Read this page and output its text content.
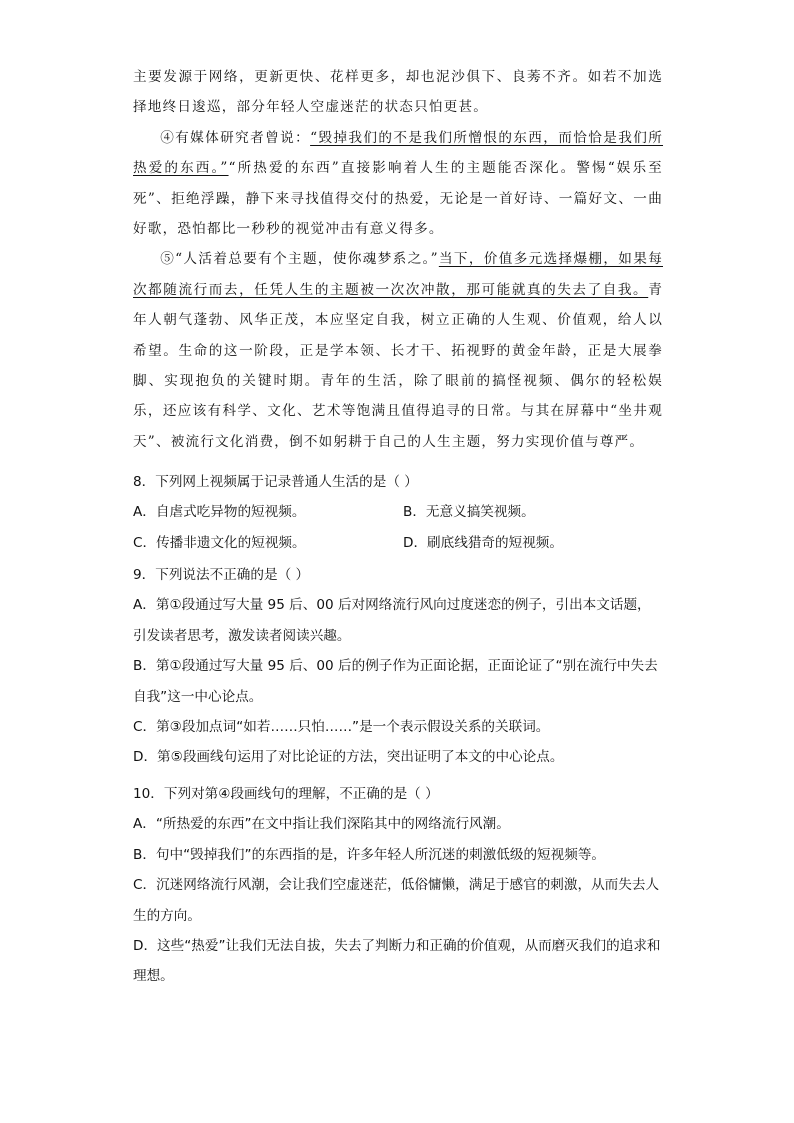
主要发源于网络，更新更快、花样更多，却也泥沙俱下、良莠不齐。如若不加选择地终日逡巡，部分年轻人空虚迷茫的状态只怕更甚。

④有媒体研究者曾说：“毁掉我们的不是我们所憎恨的东西，而恰恰是我们所热爱的东西。”“所热爱的东西”直接影响着人生的主题能否深化。警惕“娱乐至死”、拒绝浮躁，静下来寻找值得交付的热爱，无论是一首好诗、一篇好文、一曲好歌，恐怕都比一秒秒的视觉冲击有意义得多。

⑤“人活着总要有个主题，使你魂梦系之。”当下，价值多元选择爆棚，如果每次都随流行而去，任凭人生的主题被一次次冲散，那可能就真的失去了自我。青年人朝气蓬勃、风华正茂，本应坚定自我，树立正确的人生观、价值观，给人以希望。生命的这一阶段，正是学本领、长才干、拓视野的黄金年龄，正是大展拳脚、实现抱负的关键时期。青年的生活，除了眼前的搞怪视频、偶尔的轻松娱乐，还应该有科学、文化、艺术等饱满且值得追寻的日常。与其在屏幕中“坐井观天”、被流行文化消费，倒不如躬耕于自己的人生主题，努力实现价值与尊严。

8．下列网上视频属于记录普通人生活的是（ ）
A．自虐式吃异物的短视频。	B．无意义搞笑视频。
C．传播非遗文化的短视频。	D．刷底线猎奇的短视频。
9．下列说法不正确的是（ ）
A．第①段通过写大量 95 后、00 后对网络流行风向过度迷恋的例子，引出本文话题，引发读者思考，激发读者阅读兴趣。
B．第①段通过写大量 95 后、00 后的例子作为正面论据，正面论证了“别在流行中失去自我”这一中心论点。
C．第③段加点词“如若……只怕……”是一个表示假设关系的关联词。
D．第⑤段画线句运用了对比论证的方法，突出证明了本文的中心论点。
10．下列对第④段画线句的理解，不正确的是（ ）
A．“所热爱的东西”在文中指让我们深陷其中的网络流行风潮。
B．句中“毁掉我们”的东西指的是，许多年轻人所沉迷的刺激低级的短视频等。
C．沉迷网络流行风潮，会让我们空虚迷茫，低俗慵懒，满足于感官的刺激，从而失去人生的方向。
D．这些“热爱”让我们无法自拔，失去了判断力和正确的价值观，从而磨灭我们的追求和理想。
